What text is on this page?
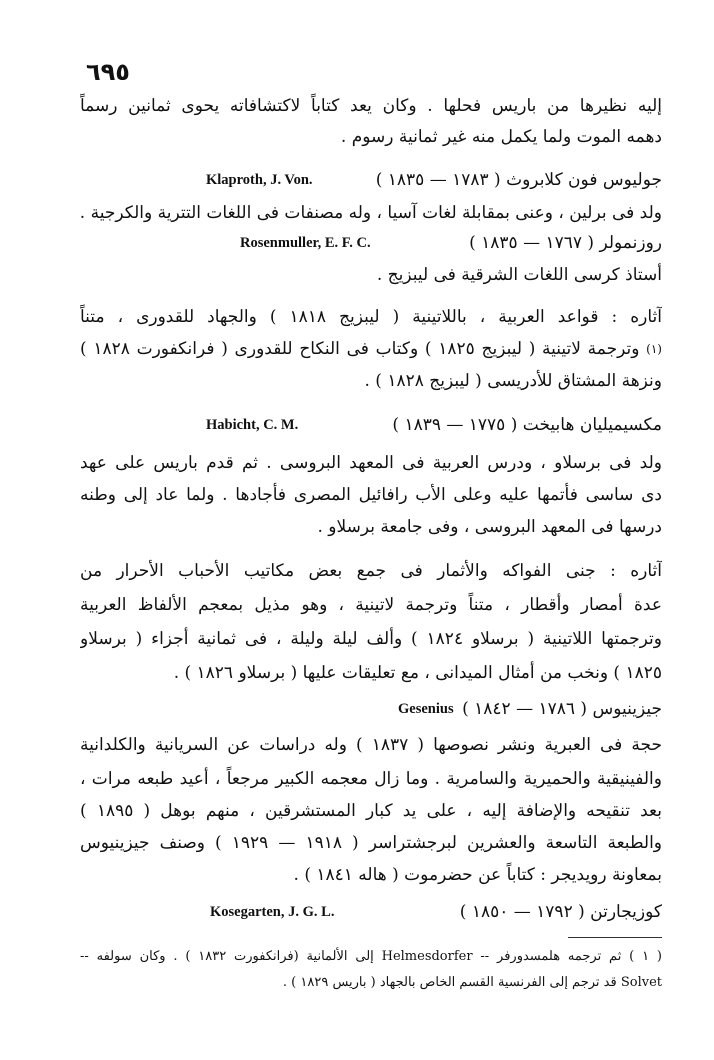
٦٩٥
إليه نظيرها من باريس فحلها . وكان يعد كتاباً لاكتشافاته يحوى ثمانين رسماً
دهمه الموت ولما يكمل منه غير ثمانية رسوم .
جوليوس فون كلابروث ( ١٧٨٣ — ١٨٣٥ )
Klaproth, J. Von.
ولد فى برلين ، وعنى بمقابلة لغات آسيا ، وله مصنفات فى اللغات التترية والكرجية .
روزنمولر ( ١٧٦٧ — ١٨٣٥ )
Rosenmuller, E. F. C.
أستاذ كرسى اللغات الشرقية فى ليبزيج .
آثاره : قواعد العربية ، باللاتينية ( ليبزيج ١٨١٨ ) والجهاد للقدورى ، متناً
$^{(١)}$ وترجمة لاتينية ( ليبزيج ١٨٢٥ ) وكتاب فى النكاح للقدورى ( فرانكفورت ١٨٢٨ )
ونزهة المشتاق للأدريسى ( ليبزيج ١٨٢٨ ) .
مكسيميليان هابيخت ( ١٧٧٥ — ١٨٣٩ )
Habicht, C. M.
ولد فى برسلاو ، ودرس العربية فى المعهد البروسى . ثم قدم باريس على عهد
دى ساسى فأتمها عليه وعلى الأب رافائيل المصرى فأجادها . ولما عاد إلى وطنه
درسها فى المعهد البروسى ، وفى جامعة برسلاو .
آثاره : جنى الفواكه والأثمار فى جمع بعض مكاتيب الأحباب الأحرار من
عدة أمصار وأقطار ، متناً وترجمة لاتينية ، وهو مذيل بمعجم الألفاظ العربية
وترجمتها اللاتينية ( برسلاو ١٨٢٤ ) وألف ليلة وليلة ، فى ثمانية أجزاء ( برسلاو
١٨٢٥ ) ونخب من أمثال الميدانى ، مع تعليقات عليها ( برسلاو ١٨٢٦ ) .
جيزينيوس ( ١٧٨٦ — ١٨٤٢ )
Gesenius
حجة فى العبرية ونشر نصوصها ( ١٨٣٧ ) وله دراسات عن السريانية والكلدانية
والفينيقية والحميرية والسامرية . وما زال معجمه الكبير مرجعاً ، أعيد طبعه مرات ،
بعد تنقيحه والإضافة إليه ، على يد كبار المستشرقين ، منهم بوهل ( ١٨٩٥ )
والطبعة التاسعة والعشرين لبرجشتراسر ( ١٩١٨ — ١٩٢٩ ) وصنف جيزينيوس
بمعاونة رويديجر : كتاباً عن حضرموت ( هاله ١٨٤١ ) .
كوزيجارتن ( ١٧٩٢ — ١٨٥٠ )
Kosegarten, J. G. L.
( ١ ) ثم ترجمه هلمسدورفر -- Helmesdorfer إلى الألمانية (فرانكفورت ١٨٣٢ ) . وكان سولفه --
Solvet قد ترجم إلى الفرنسية القسم الخاص بالجهاد ( باريس ١٨٢٩ ) .
